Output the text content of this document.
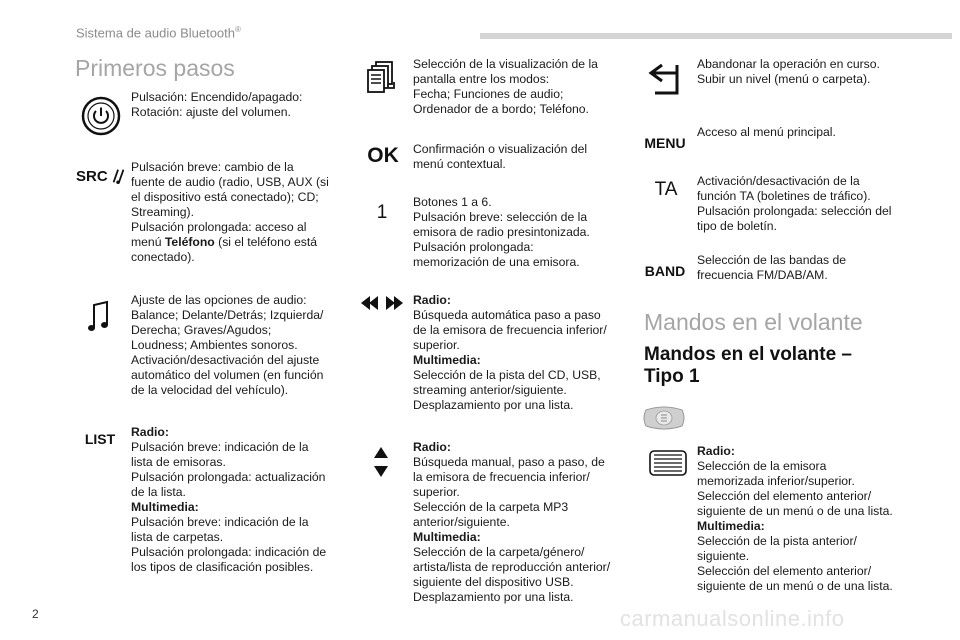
Sistema de audio Bluetooth®
Primeros pasos
Pulsación: Encendido/apagado:
Rotación: ajuste del volumen.
SRC
Pulsación breve: cambio de la
fuente de audio (radio, USB, AUX (si
el dispositivo está conectado); CD;
Streaming).
Pulsación prolongada: acceso al
menú Teléfono (si el teléfono está
conectado).
Ajuste de las opciones de audio:
Balance; Delante/Detrás; Izquierda/
Derecha; Graves/Agudos;
Loudness; Ambientes sonoros.
Activación/desactivación del ajuste
automático del volumen (en función
de la velocidad del vehículo).
LIST Radio:
Pulsación breve: indicación de la
lista de emisoras.
Pulsación prolongada: actualización
de la lista.
Multimedia:
Pulsación breve: indicación de la
lista de carpetas.
Pulsación prolongada: indicación de
los tipos de clasificación posibles.
Selección de la visualización de la
pantalla entre los modos:
Fecha; Funciones de audio;
Ordenador de a bordo; Teléfono.
OK Confirmación o visualización del
menú contextual.
1 Botones 1 a 6.
Pulsación breve: selección de la
emisora de radio presintonizada.
Pulsación prolongada:
memorización de una emisora.
Radio:
Búsqueda automática paso a paso
de la emisora de frecuencia inferior/
superior.
Multimedia:
Selección de la pista del CD, USB,
streaming anterior/siguiente.
Desplazamiento por una lista.
Radio:
Búsqueda manual, paso a paso, de
la emisora de frecuencia inferior/
superior.
Selección de la carpeta MP3
anterior/siguiente.
Multimedia:
Selección de la carpeta/género/
artista/lista de reproducción anterior/
siguiente del dispositivo USB.
Desplazamiento por una lista.
Abandonar la operación en curso.
Subir un nivel (menú o carpeta).
MENU
Acceso al menú principal.
TA Activación/desactivación de la
función TA (boletines de tráfico).
Pulsación prolongada: selección del
tipo de boletín.
BAND
Selección de las bandas de
frecuencia FM/DAB/AM.
Mandos en el volante
Mandos en el volante –
Tipo 1
Radio:
Selección de la emisora
memorizada inferior/superior.
Selección del elemento anterior/
siguiente de un menú o de una lista.
Multimedia:
Selección de la pista anterior/
siguiente.
Selección del elemento anterior/
siguiente de un menú o de una lista.
2	carmanualsonline.info
